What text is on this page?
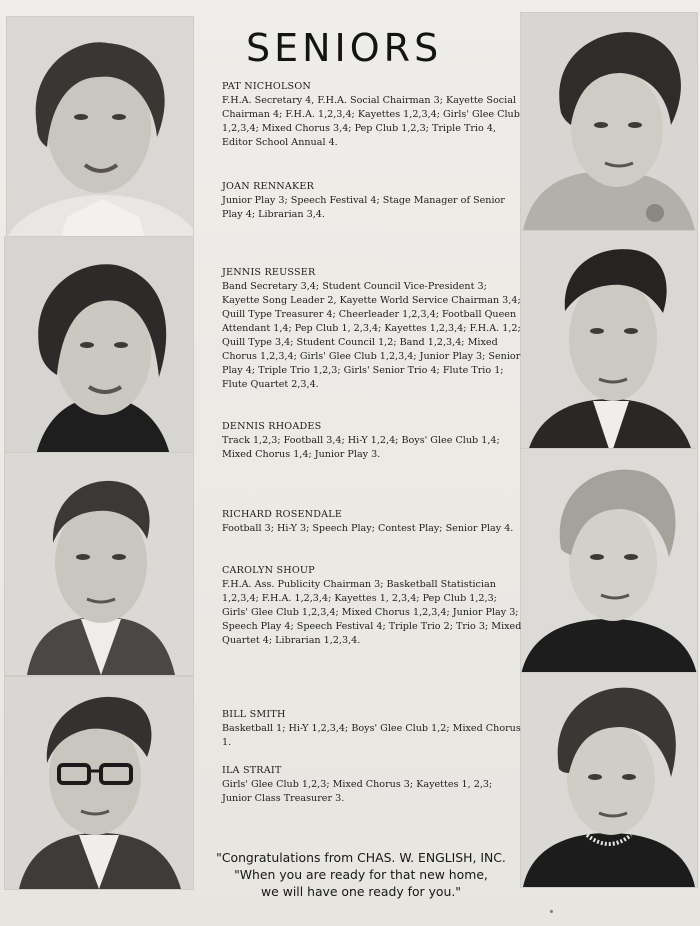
SENIORS
PAT NICHOLSON
F.H.A. Secretary 4, F.H.A. Social Chairman 3; Kayette Social Chairman 4; F.H.A. 1,2,3,4; Kayettes 1,2,3,4; Girls' Glee Club 1,2,3,4; Mixed Chorus 3,4; Pep Club 1,2,3; Triple Trio 4, Editor School Annual 4.
JOAN RENNAKER
Junior Play 3; Speech Festival 4; Stage Manager of Senior Play 4; Librarian 3,4.
JENNIS REUSSER
Band Secretary 3,4; Student Council Vice-President 3; Kayette Song Leader 2, Kayette World Service Chairman 3,4; Quill Type Treasurer 4; Cheerleader 1,2,3,4; Football Queen Attendant 1,4; Pep Club 1, 2,3,4; Kayettes 1,2,3,4; F.H.A. 1,2; Quill Type 3,4; Student Council 1,2; Band 1,2,3,4; Mixed Chorus 1,2,3,4; Girls' Glee Club 1,2,3,4; Junior Play 3; Senior Play 4; Triple Trio 1,2,3; Girls' Senior Trio 4; Flute Trio 1; Flute Quartet 2,3,4.
DENNIS RHOADES
Track 1,2,3; Football 3,4; Hi-Y 1,2,4; Boys' Glee Club 1,4; Mixed Chorus 1,4; Junior Play 3.
RICHARD ROSENDALE
Football 3; Hi-Y 3; Speech Play; Contest Play; Senior Play 4.
CAROLYN SHOUP
F.H.A. Ass. Publicity Chairman 3; Basketball Statistician 1,2,3,4; F.H.A. 1,2,3,4; Kayettes 1, 2,3,4; Pep Club 1,2,3; Girls' Glee Club 1,2,3,4; Mixed Chorus 1,2,3,4; Junior Play 3; Speech Play 4; Speech Festival 4; Triple Trio 2; Trio 3; Mixed Quartet 4; Librarian 1,2,3,4.
BILL SMITH
Basketball 1; Hi-Y 1,2,3,4; Boys' Glee Club 1,2; Mixed Chorus 1.
ILA STRAIT
Girls' Glee Club 1,2,3; Mixed Chorus 3; Kayettes 1, 2,3; Junior Class Treasurer 3.
"Congratulations from CHAS. W. ENGLISH, INC.
"When you are ready for that new home,
we will have one ready for you."
